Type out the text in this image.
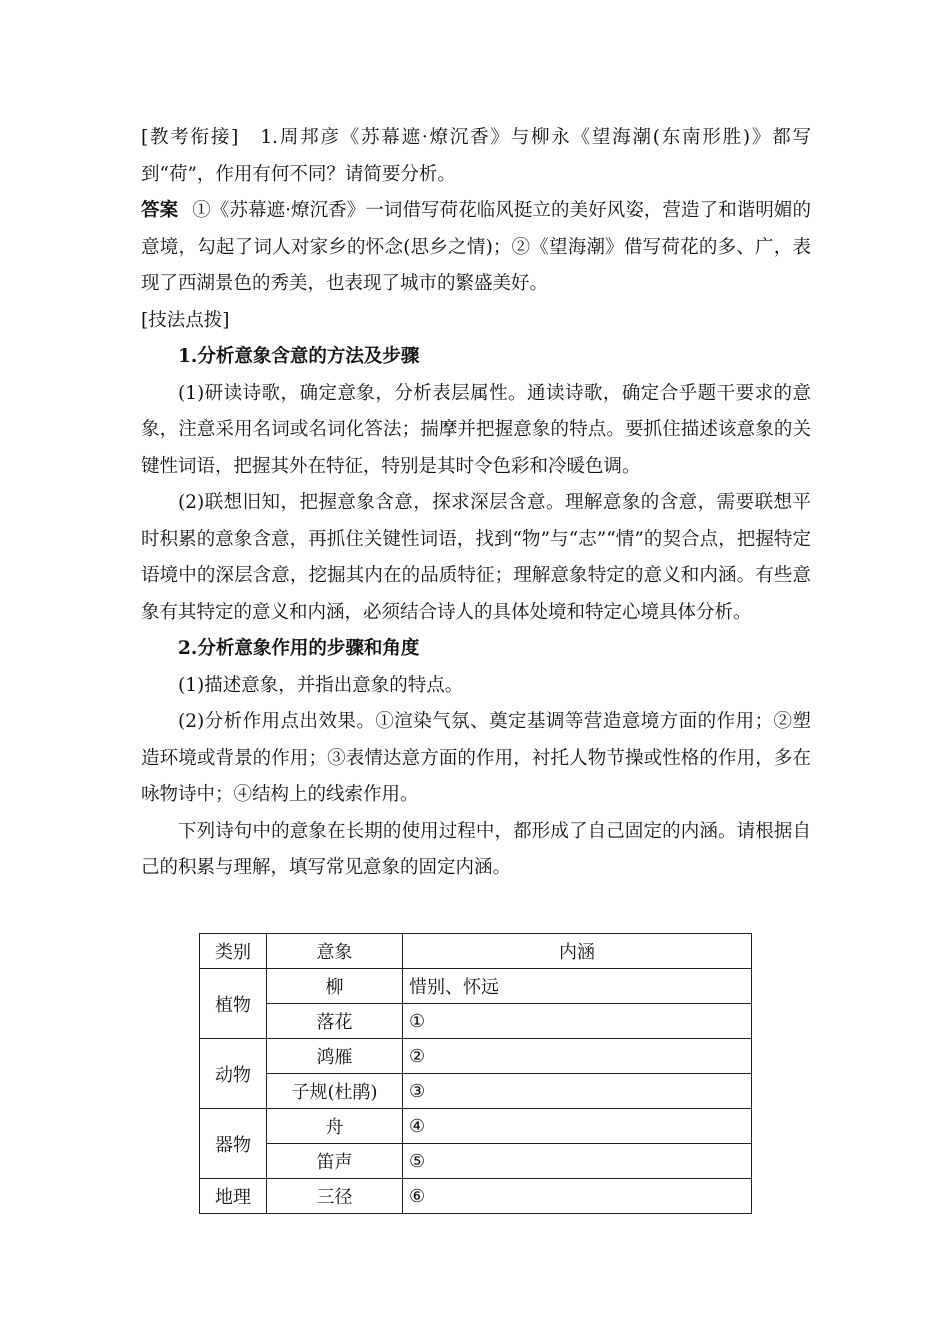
[教考衔接] 1.周邦彦《苏幕遮·燎沉香》与柳永《望海潮(东南形胜)》都写到“荷”，作用有何不同？请简要分析。

答案 ①《苏幕遮·燎沉香》一词借写荷花临风挺立的美好风姿，营造了和谐明媚的意境，勾起了词人对家乡的怀念(思乡之情)；②《望海潮》借写荷花的多、广，表现了西湖景色的秀美，也表现了城市的繁盛美好。

[技法点拨]

1.分析意象含意的方法及步骤

(1)研读诗歌，确定意象，分析表层属性。通读诗歌，确定合乎题干要求的意象，注意采用名词或名词化答法；揣摩并把握意象的特点。要抓住描述该意象的关键性词语，把握其外在特征，特别是其时令色彩和冷暖色调。

(2)联想旧知，把握意象含意，探求深层含意。理解意象的含意，需要联想平时积累的意象含意，再抓住关键性词语，找到“物”与“志”“情”的契合点，把握特定语境中的深层含意，挖掘其内在的品质特征；理解意象特定的意义和内涵。有些意象有其特定的意义和内涵，必须结合诗人的具体处境和特定心境具体分析。

2.分析意象作用的步骤和角度

(1)描述意象，并指出意象的特点。

(2)分析作用点出效果。①渲染气氛、奠定基调等营造意境方面的作用；②塑造环境或背景的作用；③表情达意方面的作用，衬托人物节操或性格的作用，多在咏物诗中；④结构上的线索作用。

下列诗句中的意象在长期的使用过程中，都形成了自己固定的内涵。请根据自己的积累与理解，填写常见意象的固定内涵。

类别	意象	内涵
植物	柳	惜别、怀远
	落花	①
动物	鸿雁	②
	子规(杜鹃)	③
器物	舟	④
	笛声	⑤
地理	三径	⑥
